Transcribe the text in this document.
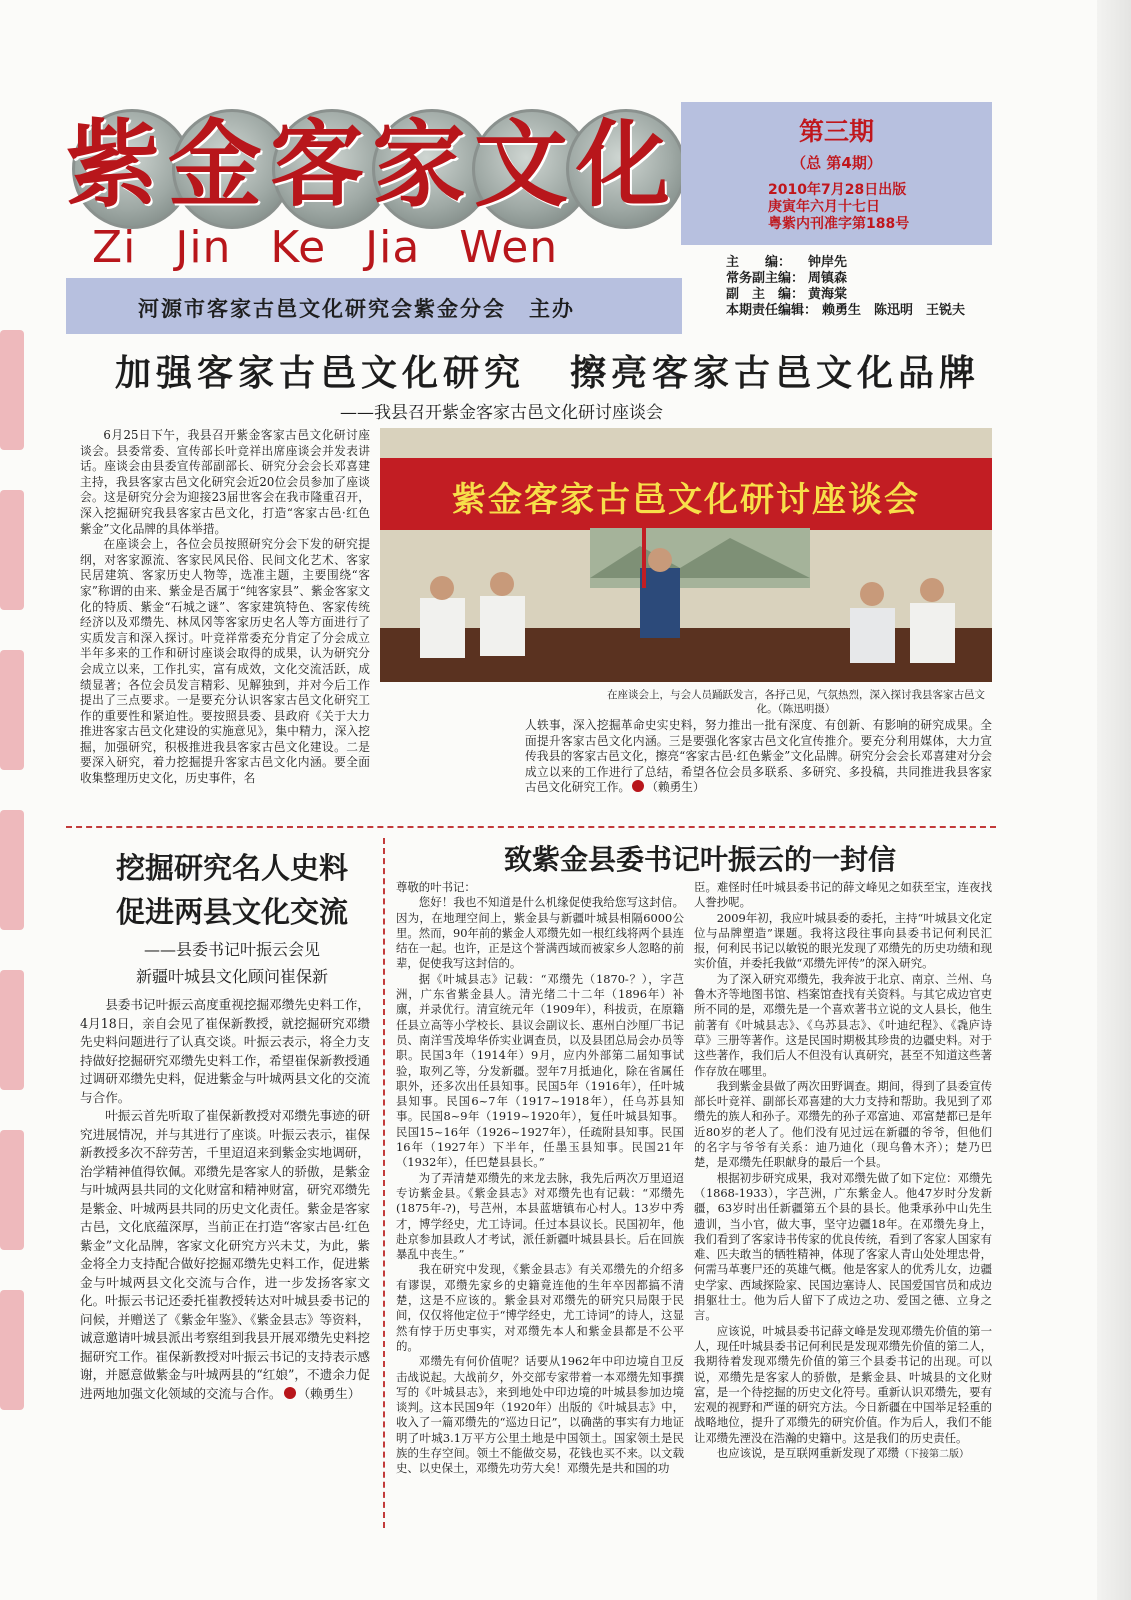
紫金客家文化
Zi Jin Ke Jia Wen
第三期
（总 第4期）
2010年7月28日出版
庚寅年六月十七日
粤紫内刊准字第188号
河源市客家古邑文化研究会紫金分会　主办
主　　编： 钟岸先
常务副主编： 周镇森
副　主　编： 黄海棠
本期责任编辑： 赖勇生　陈迅明　王锐夫
加强客家古邑文化研究 擦亮客家古邑文化品牌
——我县召开紫金客家古邑文化研讨座谈会

6月25日下午，我县召开紫金客家古邑文化研讨座谈会。县委常委、宣传部长叶竞祥出席座谈会并发表讲话。座谈会由县委宣传部副部长、研究分会会长邓喜建主持，我县客家古邑文化研究会近20位会员参加了座谈会。这是研究分会为迎接23届世客会在我市隆重召开，深入挖掘研究我县客家古邑文化，打造“客家古邑·红色紫金”文化品牌的具体举措。

在座谈会上，各位会员按照研究分会下发的研究提纲，对客家源流、客家民风民俗、民间文化艺术、客家民居建筑、客家历史人物等，选准主题，主要围绕“客家”称谓的由来、紫金是否属于“纯客家县”、紫金客家文化的特质、紫金“石城之谜”、客家建筑特色、客家传统经济以及邓缵先、林凤冈等客家历史名人等方面进行了实质发言和深入探讨。叶竞祥常委充分肯定了分会成立半年多来的工作和研讨座谈会取得的成果，认为研究分会成立以来，工作扎实，富有成效，文化交流活跃，成绩显著；各位会员发言精彩、见解独到，并对今后工作提出了三点要求。一是要充分认识客家古邑文化研究工作的重要性和紧迫性。要按照县委、县政府《关于大力推进客家古邑文化建设的实施意见》，集中精力，深入挖掘，加强研究，积极推进我县客家古邑文化建设。二是要深入研究，着力挖掘提升客家古邑文化内涵。要全面收集整理历史文化，历史事件，名

紫金客家古邑文化研讨座谈会
在座谈会上，与会人员踊跃发言，各抒己见，气氛热烈，深入探讨我县客家古邑文化。（陈迅明摄）

人轶事，深入挖掘革命史实史料，努力推出一批有深度、有创新、有影响的研究成果。全面提升客家古邑文化内涵。三是要强化客家古邑文化宣传推介。要充分利用媒体，大力宣传我县的客家古邑文化，擦亮“客家古邑·红色紫金”文化品牌。研究分会会长邓喜建对分会成立以来的工作进行了总结，希望各位会员多联系、多研究、多投稿，共同推进我县客家古邑文化研究工作。 （赖勇生）

挖掘研究名人史料
促进两县文化交流
——县委书记叶振云会见
新疆叶城县文化顾问崔保新

县委书记叶振云高度重视挖掘邓缵先史料工作，4月18日，亲自会见了崔保新教授，就挖掘研究邓缵先史料问题进行了认真交谈。叶振云表示，将全力支持做好挖掘研究邓缵先史料工作，希望崔保新教授通过调研邓缵先史料，促进紫金与叶城两县文化的交流与合作。

叶振云首先听取了崔保新教授对邓缵先事迹的研究进展情况，并与其进行了座谈。叶振云表示，崔保新教授多次不辞劳苦，千里迢迢来到紫金实地调研，治学精神值得钦佩。邓缵先是客家人的骄傲，是紫金与叶城两县共同的文化财富和精神财富，研究邓缵先是紫金、叶城两县共同的历史文化责任。紫金是客家古邑，文化底蕴深厚，当前正在打造“客家古邑·红色紫金”文化品牌，客家文化研究方兴未艾，为此，紫金将全力支持配合做好挖掘邓缵先史料工作，促进紫金与叶城两县文化交流与合作，进一步发扬客家文化。叶振云书记还委托崔教授转达对叶城县委书记的问候，并赠送了《紫金年鉴》、《紫金县志》等资料，诚意邀请叶城县派出考察组到我县开展邓缵先史料挖掘研究工作。崔保新教授对叶振云书记的支持表示感谢，并愿意做紫金与叶城两县的“红娘”，不遗余力促进两地加强文化领域的交流与合作。 （赖勇生）

致紫金县委书记叶振云的一封信

尊敬的叶书记：

您好！我也不知道是什么机缘促使我给您写这封信。因为，在地理空间上，紫金县与新疆叶城县相隔6000公里。然而，90年前的紫金人邓缵先如一根红线将两个县连结在一起。也许，正是这个誉满西域而被家乡人忽略的前辈，促使我写这封信的。

据《叶城县志》记载：“邓缵先（1870-？），字芑洲，广东省紫金县人。清光绪二十二年（1896年）补廪，并录优行。清宣统元年（1909年），科拔贡，在原籍任县立高等小学校长、县议会副议长、惠州白沙厘厂书记员、南洋雪茂埠华侨实业调查员，以及县团总局会办员等职。民国3年（1914年）9月，应内外部第二届知事试验，取列乙等，分发新疆。翌年7月抵迪化，除在省属任职外，还多次出任县知事。民国5年（1916年），任叶城县知事。民国6~7年（1917~1918年），任乌苏县知事。民国8~9年（1919~1920年），复任叶城县知事。民国15~16年（1926~1927年），任疏附县知事。民国16年（1927年）下半年，任墨玉县知事。民国21年（1932年），任巴楚县县长。”

为了弄清楚邓缵先的来龙去脉，我先后两次万里迢迢专访紫金县。《紫金县志》对邓缵先也有记载：“邓缵先(1875年-?)，号芑州，本县蓝塘镇布心村人。13岁中秀才，博学经史，尤工诗词。任过本县议长。民国初年，他赴京参加县政人才考试，派任新疆叶城县县长。后在回族暴乱中丧生。”

我在研究中发现，《紫金县志》有关邓缵先的介绍多有谬误，邓缵先家乡的史籍竟连他的生年卒因都搞不清楚，这是不应该的。紫金县对邓缵先的研究只局限于民间，仅仅将他定位于“博学经史，尤工诗词”的诗人，这显然有悖于历史事实，对邓缵先本人和紫金县都是不公平的。

邓缵先有何价值呢？话要从1962年中印边境自卫反击战说起。大战前夕，外交部专家带着一本邓缵先知事撰写的《叶城县志》，来到地处中印边境的叶城县参加边境谈判。这本民国9年（1920年）出版的《叶城县志》中，收入了一篇邓缵先的“巡边日记”，以确凿的事实有力地证明了叶城3.1万平方公里土地是中国领土。国家领土是民族的生存空间。领土不能做交易，花钱也买不来。以文载史、以史保土，邓缵先功劳大矣！邓缵先是共和国的功

臣。难怪时任叶城县委书记的薛文峰见之如获至宝，连夜找人誊抄呢。

2009年初，我应叶城县委的委托，主持“叶城县文化定位与品牌塑造”课题。我将这段往事向县委书记何利民汇报，何利民书记以敏锐的眼光发现了邓缵先的历史功绩和现实价值，并委托我做“邓缵先评传”的深入研究。

为了深入研究邓缵先，我奔波于北京、南京、兰州、乌鲁木齐等地图书馆、档案馆查找有关资料。与其它成边官吏所不同的是，邓缵先是一个喜欢著书立说的文人县长，他生前著有《叶城县志》、《乌苏县志》、《叶迪纪程》、《毳庐诗草》三册等著作。这是民国时期极其珍贵的边疆史料。对于这些著作，我们后人不但没有认真研究，甚至不知道这些著作存放在哪里。

我到紫金县做了两次田野调查。期间，得到了县委宣传部长叶竞祥、副部长邓喜建的大力支持和帮助。我见到了邓缵先的族人和孙子。邓缵先的孙子邓富迪、邓富楚都已是年近80岁的老人了。他们没有见过远在新疆的爷爷，但他们的名字与爷爷有关系：迪乃迪化（现乌鲁木齐）；楚乃巴楚，是邓缵先任职献身的最后一个县。

根据初步研究成果，我对邓缵先做了如下定位：邓缵先（1868-1933），字芑洲，广东紫金人。他47岁时分发新疆，63岁时出任新疆第五个县的县长。他秉承孙中山先生遗训，当小官，做大事，坚守边疆18年。在邓缵先身上，我们看到了客家诗书传家的优良传统，看到了客家人国家有难、匹夫敢当的牺牲精神，体现了客家人青山处处埋忠骨，何需马革裹尸还的英雄气概。他是客家人的优秀儿女，边疆史学家、西域探险家、民国边塞诗人、民国爱国官员和成边捐躯壮士。他为后人留下了成边之功、爱国之德、立身之言。

应该说，叶城县委书记薛文峰是发现邓缵先价值的第一人，现任叶城县委书记何利民是发现邓缵先价值的第二人，我期待着发现邓缵先价值的第三个县委书记的出现。可以说，邓缵先是客家人的骄傲，是紫金县、叶城县的文化财富，是一个待挖掘的历史文化符号。重新认识邓缵先，要有宏观的视野和严谨的研究方法。今日新疆在中国举足轻重的战略地位，提升了邓缵先的研究价值。作为后人，我们不能让邓缵先湮没在浩瀚的史籍中。这是我们的历史责任。

也应该说，是互联网重新发现了邓缵（下接第二版）
